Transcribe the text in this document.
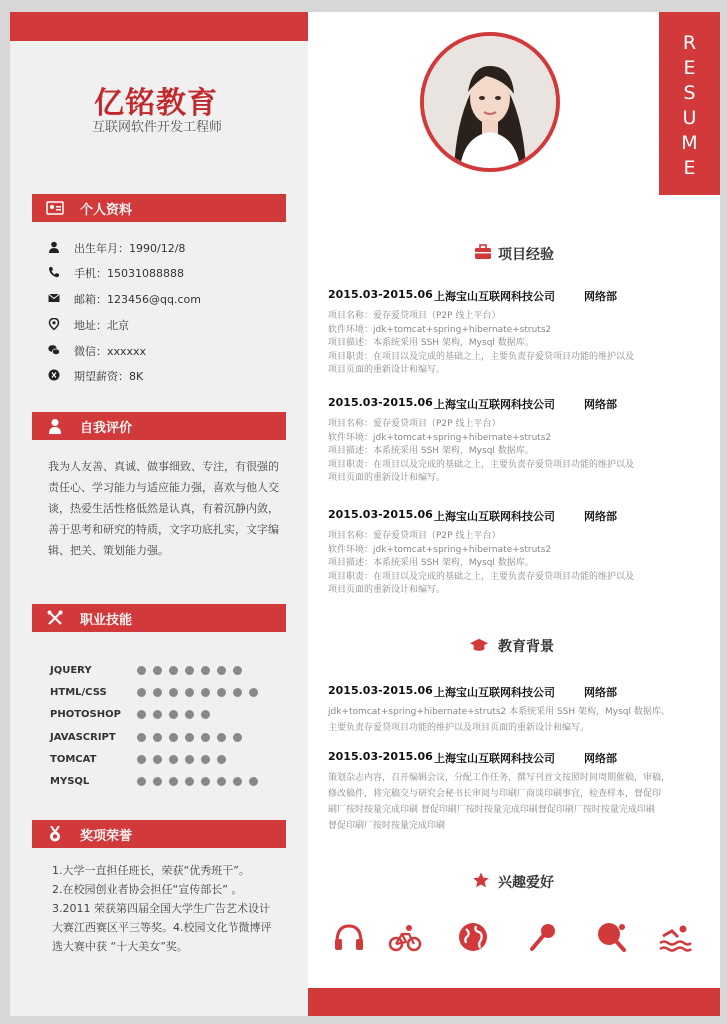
亿铭教育
互联网软件开发工程师
R
E
S
U
M
E
个人资料
出生年月：1990/12/8
手机：15031088888
邮箱：123456@qq.com
地址：北京
微信：xxxxxx
期望薪资：8K
自我评价
我为人友善、真诚、做事细致、专注，有很强的
责任心、学习能力与适应能力强，喜欢与他人交
谈，热爱生活性格低然是认真，有着沉静内敛，
善于思考和研究的特质，文字功底扎实，文字编
辑、把关、策划能力强。
职业技能
JQUERY
HTML/CSS
PHOTOSHOP
JAVASCRIPT
TOMCAT
MYSQL
奖项荣誉
1.大学一直担任班长，荣获“优秀班干”。
2.在校园创业者协会担任“宣传部长” 。
3.2011 荣获第四届全国大学生广告艺术设计
大赛江西赛区平三等奖。4.校园文化节微博评
选大赛中获 “十大美女”奖。
项目经验
2015.03-2015.06 上海宝山互联网科技公司	网络部
项目名称：爱存爱贷项目（P2P 线上平台）
软件环境：jdk+tomcat+spring+hibernate+struts2
项目描述：本系统采用 SSH 架构，Mysql 数据库。
项目职责：在项目以及完成的基础之上，主要负责存爱贷项目功能的维护以及
项目页面的重新设计和编写。
2015.03-2015.06 上海宝山互联网科技公司	网络部
项目名称：爱存爱贷项目（P2P 线上平台）
软件环境：jdk+tomcat+spring+hibernate+struts2
项目描述：本系统采用 SSH 架构，Mysql 数据库。
项目职责：在项目以及完成的基础之上，主要负责存爱贷项目功能的维护以及
项目页面的重新设计和编写。
2015.03-2015.06 上海宝山互联网科技公司	网络部
项目名称：爱存爱贷项目（P2P 线上平台）
软件环境：jdk+tomcat+spring+hibernate+struts2
项目描述：本系统采用 SSH 架构，Mysql 数据库。
项目职责：在项目以及完成的基础之上，主要负责存爱贷项目功能的维护以及
项目页面的重新设计和编写。
教育背景
2015.03-2015.06 上海宝山互联网科技公司	网络部
jdk+tomcat+spring+hibernate+struts2 本系统采用 SSH 架构，Mysql 数据库。
主要负责存爱贷项目功能的维护以及项目页面的重新设计和编写。
2015.03-2015.06 上海宝山互联网科技公司	网络部
策划杂志内容，召开编辑会议，分配工作任务，撰写刊首文按照时间周期催稿，审稿，
修改稿件，将完稿交与研究会秘书长审阅与印刷厂商谈印刷事宜，检查样本，督促印
刷厂按时按量完成印刷 督促印刷厂按时按量完成印刷督促印刷厂按时按量完成印刷
督促印刷厂按时按量完成印刷
兴趣爱好
